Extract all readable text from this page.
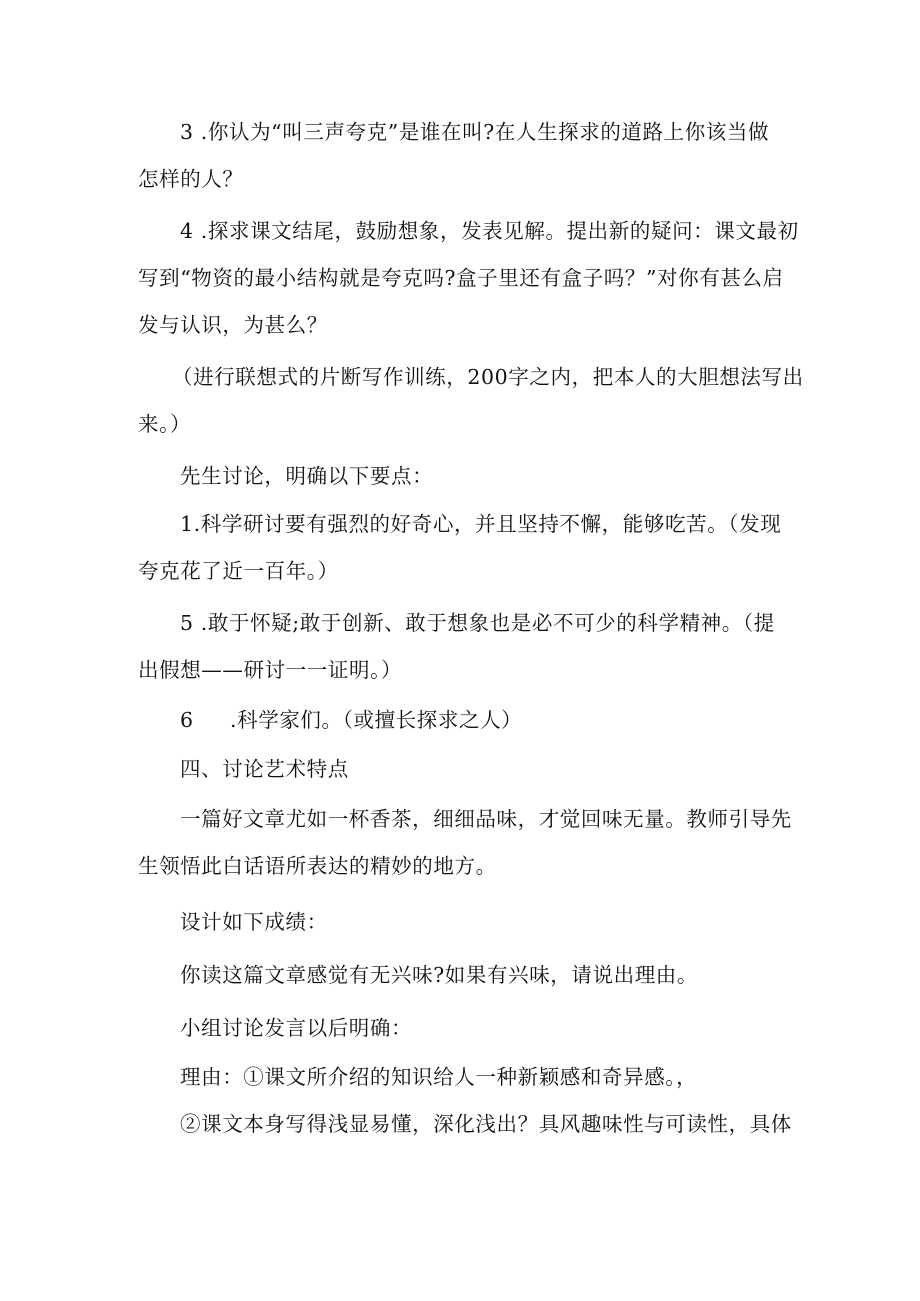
3 .你认为“叫三声夸克”是谁在叫?在人生探求的道路上你该当做

怎样的人？

4 .探求课文结尾，鼓励想象，发表见解。提出新的疑问：课文最初

写到“物资的最小结构就是夸克吗?盒子里还有盒子吗？”对你有甚么启

发与认识，为甚么？

（进行联想式的片断写作训练，200字之内，把本人的大胆想法写出

来。）

先生讨论，明确以下要点：

1.科学研讨要有强烈的好奇心，并且坚持不懈，能够吃苦。（发现

夸克花了近一百年。）

5 .敢于怀疑;敢于创新、敢于想象也是必不可少的科学精神。（提

出假想——研讨一一证明。）

6 .科学家们。（或擅长探求之人）

四、讨论艺术特点

一篇好文章尤如一杯香茶，细细品味，才觉回味无量。教师引导先

生领悟此白话语所表达的精妙的地方。

设计如下成绩：

你读这篇文章感觉有无兴味?如果有兴味，请说出理由。

小组讨论发言以后明确：

理由：①课文所介绍的知识给人一种新颖感和奇异感。，

②课文本身写得浅显易懂，深化浅出？具风趣味性与可读性，具体
